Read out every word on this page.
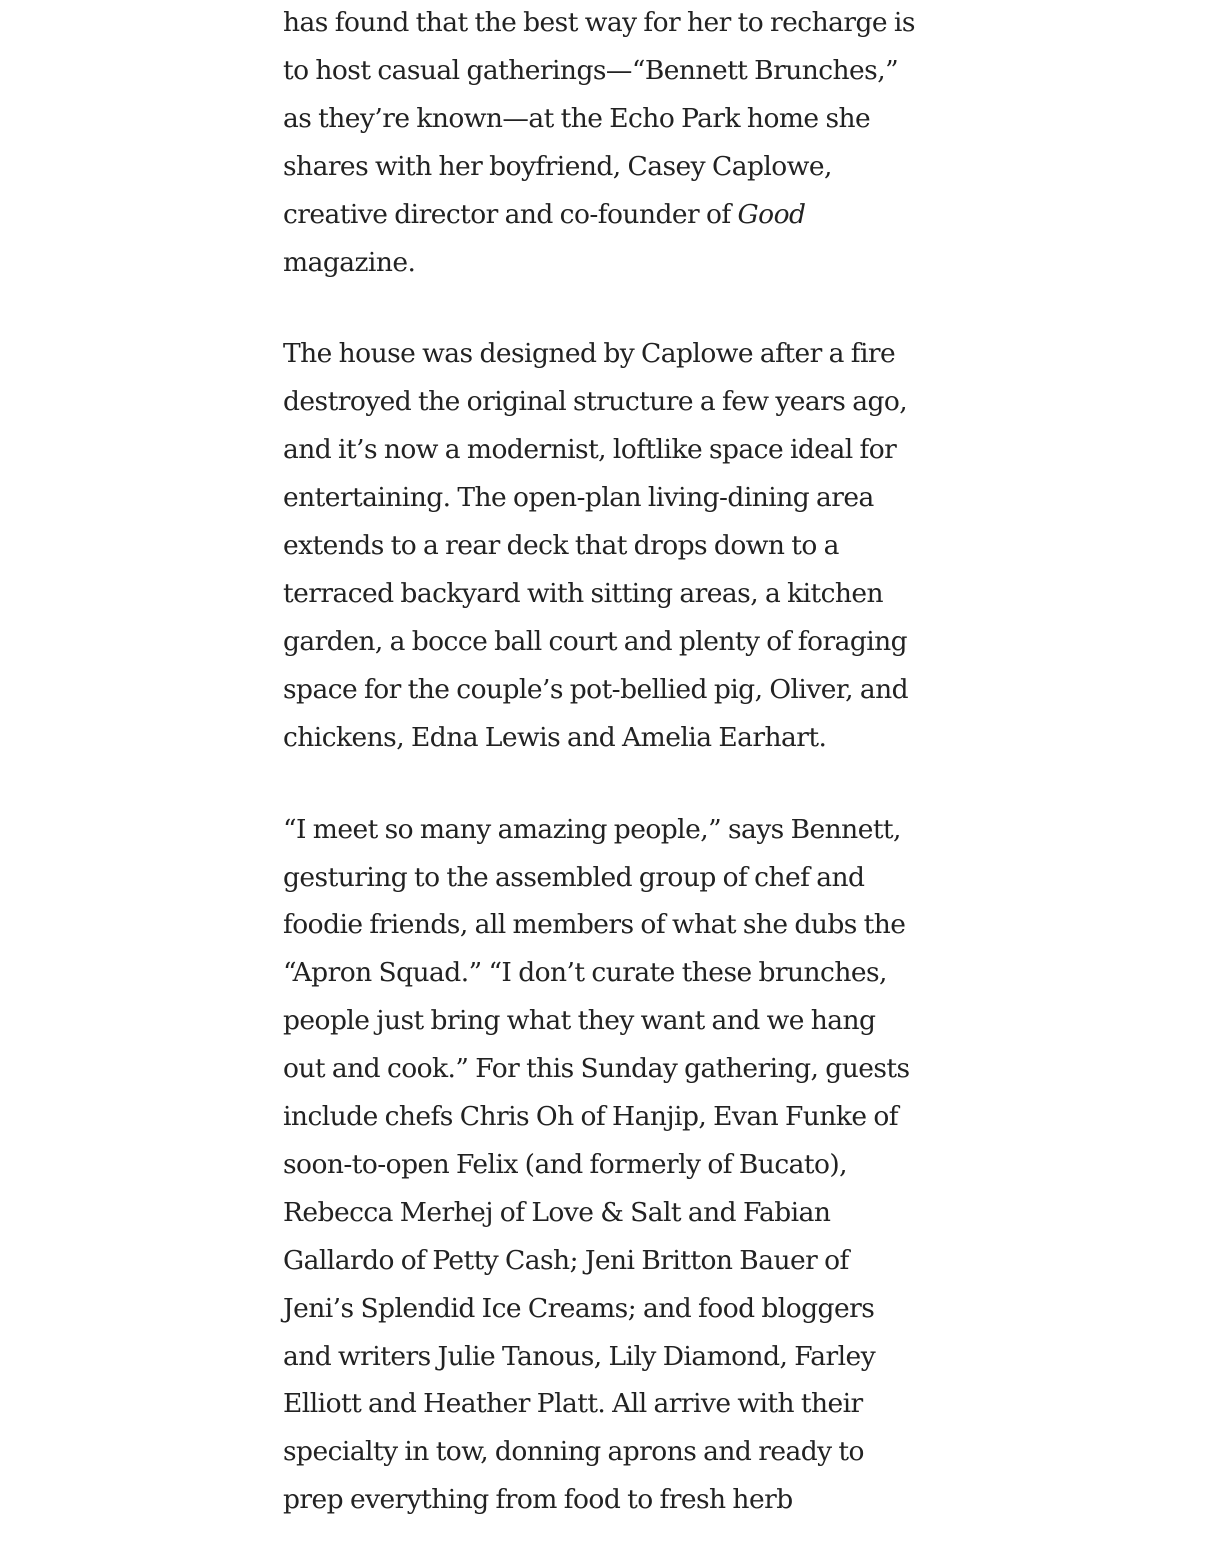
has found that the best way for her to recharge is
to host casual gatherings—“Bennett Brunches,”
as they’re known—at the Echo Park home she
shares with her boyfriend, Casey Caplowe,
creative director and co-founder of Good
magazine.

The house was designed by Caplowe after a fire
destroyed the original structure a few years ago,
and it’s now a modernist, loftlike space ideal for
entertaining. The open-plan living-dining area
extends to a rear deck that drops down to a
terraced backyard with sitting areas, a kitchen
garden, a bocce ball court and plenty of foraging
space for the couple’s pot-bellied pig, Oliver, and
chickens, Edna Lewis and Amelia Earhart.

“I meet so many amazing people,” says Bennett,
gesturing to the assembled group of chef and
foodie friends, all members of what she dubs the
“Apron Squad.” “I don’t curate these brunches,
people just bring what they want and we hang
out and cook.” For this Sunday gathering, guests
include chefs Chris Oh of Hanjip, Evan Funke of
soon-to-open Felix (and formerly of Bucato),
Rebecca Merhej of Love & Salt and Fabian
Gallardo of Petty Cash; Jeni Britton Bauer of
Jeni’s Splendid Ice Creams; and food bloggers
and writers Julie Tanous, Lily Diamond, Farley
Elliott and Heather Platt. All arrive with their
specialty in tow, donning aprons and ready to
prep everything from food to fresh herb
